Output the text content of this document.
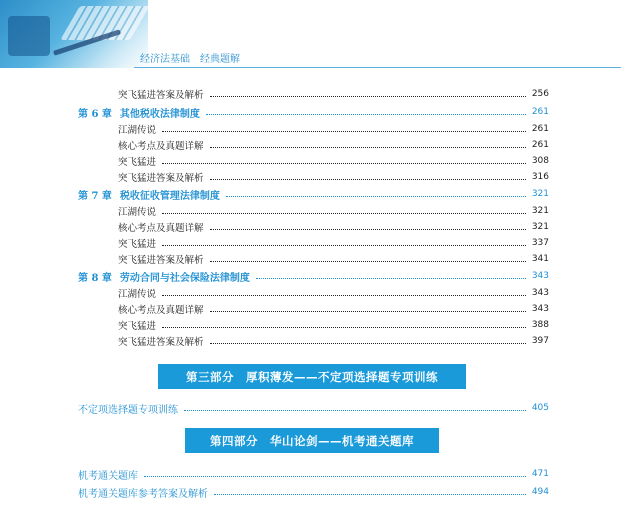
经济法基础 经典题解
突飞猛进答案及解析	256
第 6 章 其他税收法律制度	261
江湖传说	261
核心考点及真题详解	261
突飞猛进	308
突飞猛进答案及解析	316
第 7 章 税收征收管理法律制度	321
江湖传说	321
核心考点及真题详解	321
突飞猛进	337
突飞猛进答案及解析	341
第 8 章 劳动合同与社会保险法律制度	343
江湖传说	343
核心考点及真题详解	343
突飞猛进	388
突飞猛进答案及解析	397
第三部分　厚积薄发——不定项选择题专项训练
不定项选择题专项训练	405
第四部分　华山论剑——机考通关题库
机考通关题库	471
机考通关题库参考答案及解析	494
